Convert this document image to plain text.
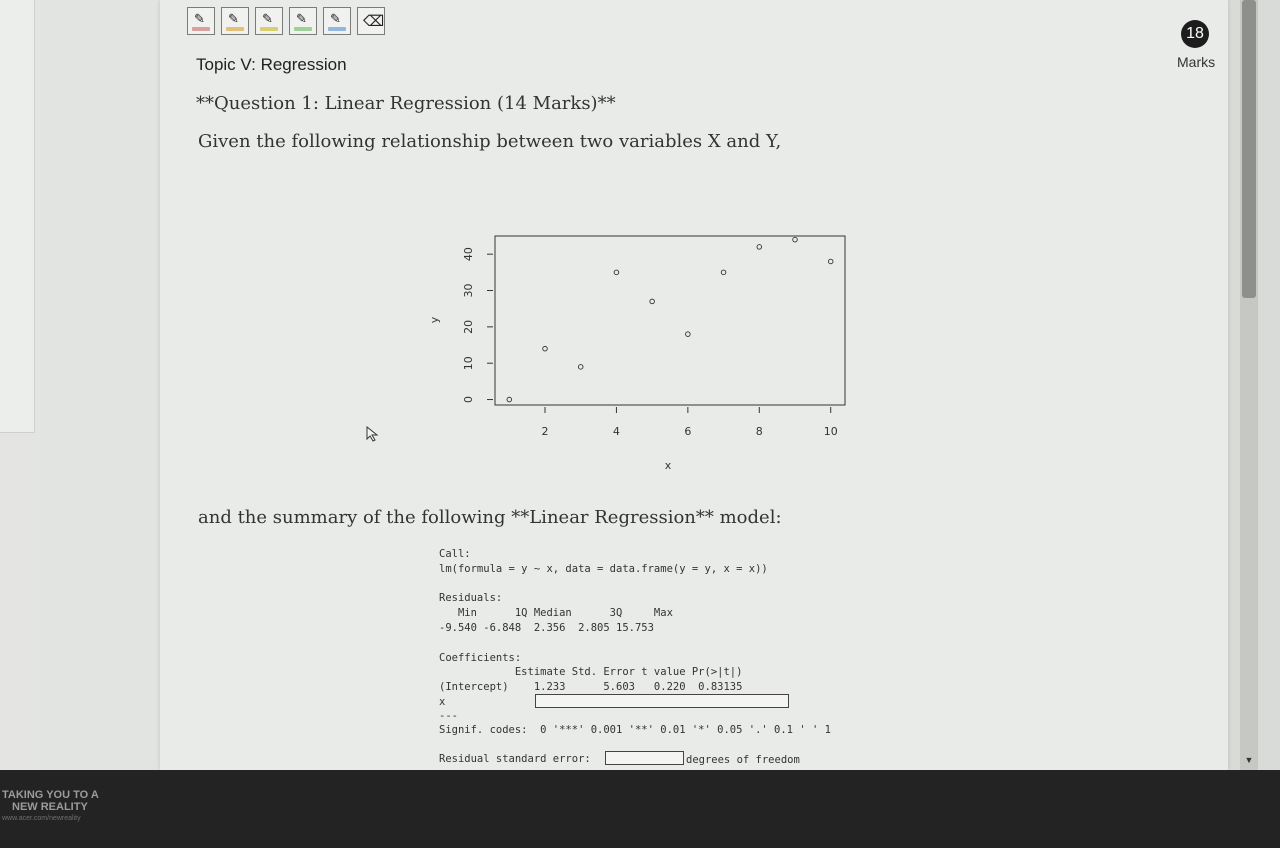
▼
✎ ✎ ✎ ✎ ✎ ⌫
Topic V: Regression
**Question 1: Linear Regression (14 Marks)**
Given the following relationship between two variables X and Y,
18
Marks
0
10
20
30
40
2	4	6	8	10
x
y
and the summary of the following **Linear Regression** model:
Call:
lm(formula = y ~ x, data = data.frame(y = y, x = x))
Residuals:
Min      1Q Median      3Q     Max
-9.540 -6.848  2.356  2.805 15.753
Coefficients:
Estimate Std. Error t value Pr(>|t|)
(Intercept)    1.233      5.603   0.220  0.83135
x
---
Signif. codes:  0 '***' 0.001 '**' 0.01 '*' 0.05 '.' 0.1 ' ' 1
Residual standard error:	degrees of freedom
TAKING YOU TO A
NEW REALITY
www.acer.com/newreality
